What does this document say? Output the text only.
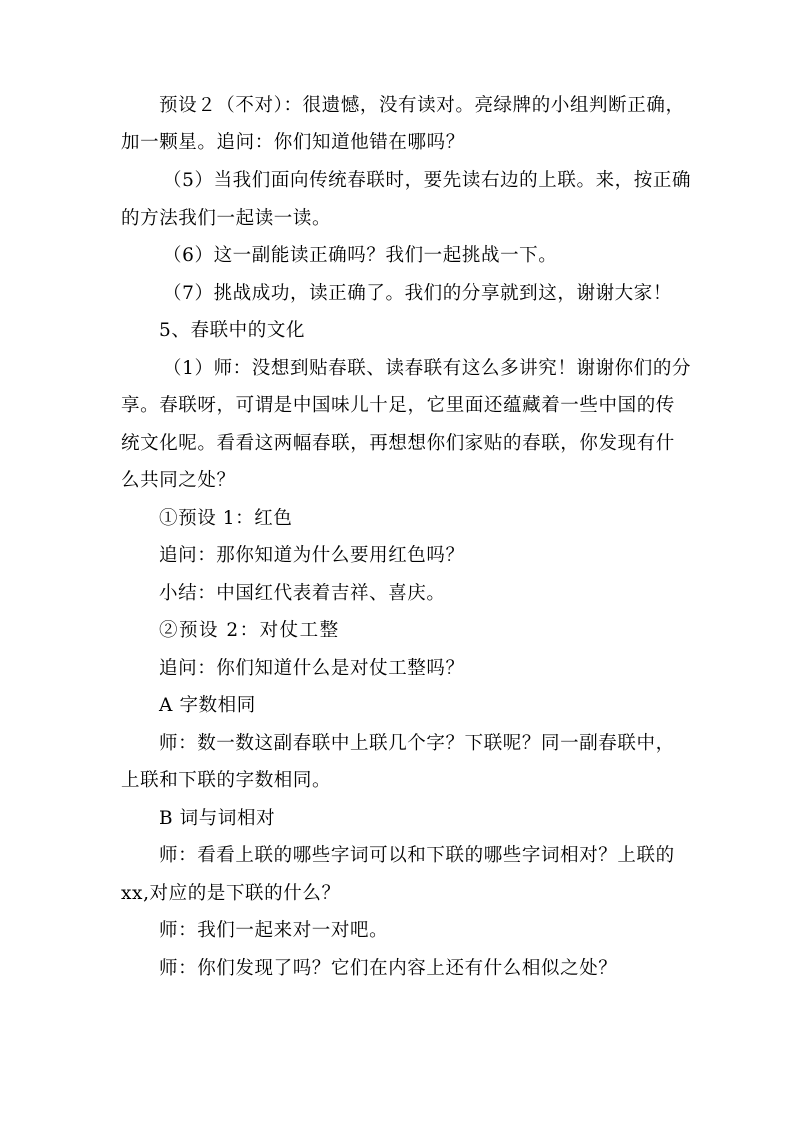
预设２（不对）：很遗憾，没有读对。亮绿牌的小组判断正确，
加一颗星。追问：你们知道他错在哪吗？
（5）当我们面向传统春联时，要先读右边的上联。来，按正确
的方法我们一起读一读。
（6）这一副能读正确吗？我们一起挑战一下。
（7）挑战成功，读正确了。我们的分享就到这，谢谢大家！
5、春联中的文化
（1）师：没想到贴春联、读春联有这么多讲究！谢谢你们的分
享。春联呀，可谓是中国味儿十足，它里面还蕴藏着一些中国的传
统文化呢。看看这两幅春联，再想想你们家贴的春联，你发现有什
么共同之处？
①预设 1：红色
追问：那你知道为什么要用红色吗？
小结：中国红代表着吉祥、喜庆。
②预设 2：对仗工整
追问：你们知道什么是对仗工整吗？
A 字数相同
师：数一数这副春联中上联几个字？下联呢？同一副春联中，
上联和下联的字数相同。
B 词与词相对
师：看看上联的哪些字词可以和下联的哪些字词相对？上联的
xx,对应的是下联的什么？
师：我们一起来对一对吧。
师：你们发现了吗？它们在内容上还有什么相似之处？
